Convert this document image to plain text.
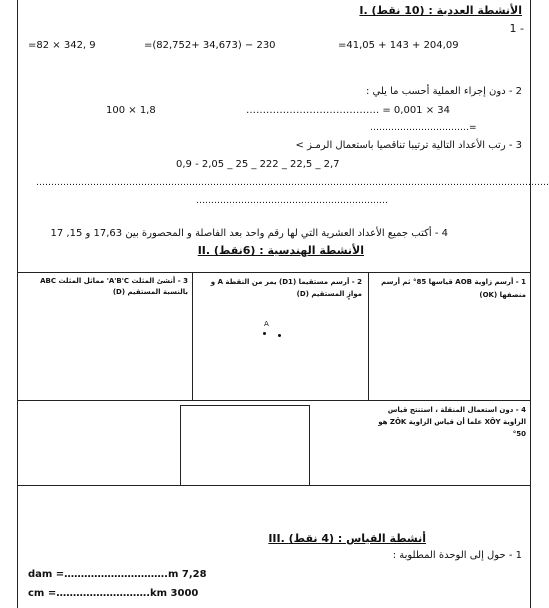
I. الأنشطة العددية : (10 نقط)
1 -
=82 × 342, 9	=(82,752+ 34,673) − 230	=41,05 + 143 + 204,09
2 - دون إجراء العملية أحسب ما يلي :
100 × 1,8	…………………………………. = 0,001 × 34
……………………………=
3 - رتب الأعداد التالية ترتيبا تناقصيا باستعمال الرمـز >
0,9 - 2,05 _ 25 _ 222 _ 22,5 _ 2,7
………………………………………………………………………………………………………………………………………………………
……………………………………………………….
4 - أكتب جميع الأعداد العشرية التي لها رقم واحد بعد الفاصلة و المحصورة بين 17,63 و 15, 17
II. الأنشطة الهندسية : (6نقط)
1 - أرسم زاوية AOB قياسها 85° ثم أرسم منصفها (OK)
2 - أرسم مستقيما (D1) يمر من النقطة A و موازٍ المستقيم (D)
3 - أنشئ المثلث A'B'C' مماثل المثلث ABC بالنسبة المستقيم (D)
A
4 - دون استعمال المنقلة ، استنتج قياس الزاوية XÔY علما أن قياس الزاوية ZÔK هو 50°
III. أنشطة القياس : (4 نقط)
1 - حول إلى الوحدة المطلوبة :
dam =………………………….m 7,28
cm =……………………….km 3000
